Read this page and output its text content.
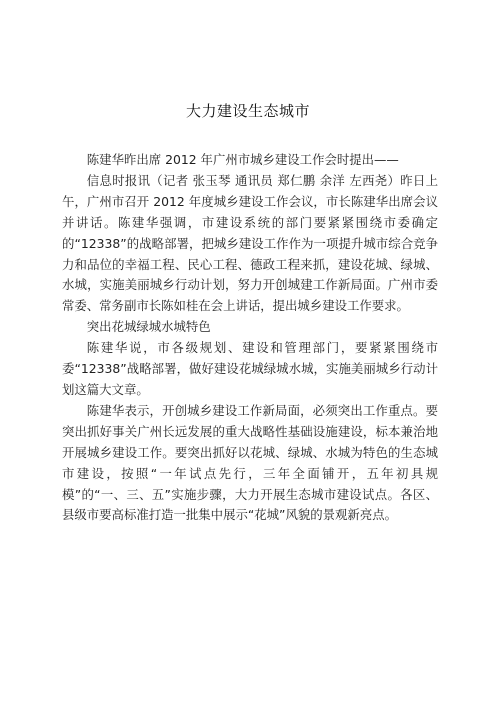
大力建设生态城市

陈建华昨出席 2012 年广州市城乡建设工作会时提出——

信息时报讯（记者 张玉琴 通讯员 郑仁鹏 余洋 左西尧）昨日上午，广州市召开 2012 年度城乡建设工作会议，市长陈建华出席会议并讲话。陈建华强调，市建设系统的部门要紧紧围绕市委确定的“12338”的战略部署，把城乡建设工作作为一项提升城市综合竞争力和品位的幸福工程、民心工程、德政工程来抓，建设花城、绿城、水城，实施美丽城乡行动计划，努力开创城建工作新局面。广州市委常委、常务副市长陈如桂在会上讲话，提出城乡建设工作要求。

突出花城绿城水城特色

陈建华说，市各级规划、建设和管理部门，要紧紧围绕市委“12338”战略部署，做好建设花城绿城水城，实施美丽城乡行动计划这篇大文章。

陈建华表示，开创城乡建设工作新局面，必须突出工作重点。要突出抓好事关广州长远发展的重大战略性基础设施建设，标本兼治地开展城乡建设工作。要突出抓好以花城、绿城、水城为特色的生态城市建设，按照“一年试点先行，三年全面铺开，五年初具规模”的“一、三、五”实施步骤，大力开展生态城市建设试点。各区、县级市要高标准打造一批集中展示“花城”风貌的景观新亮点。
